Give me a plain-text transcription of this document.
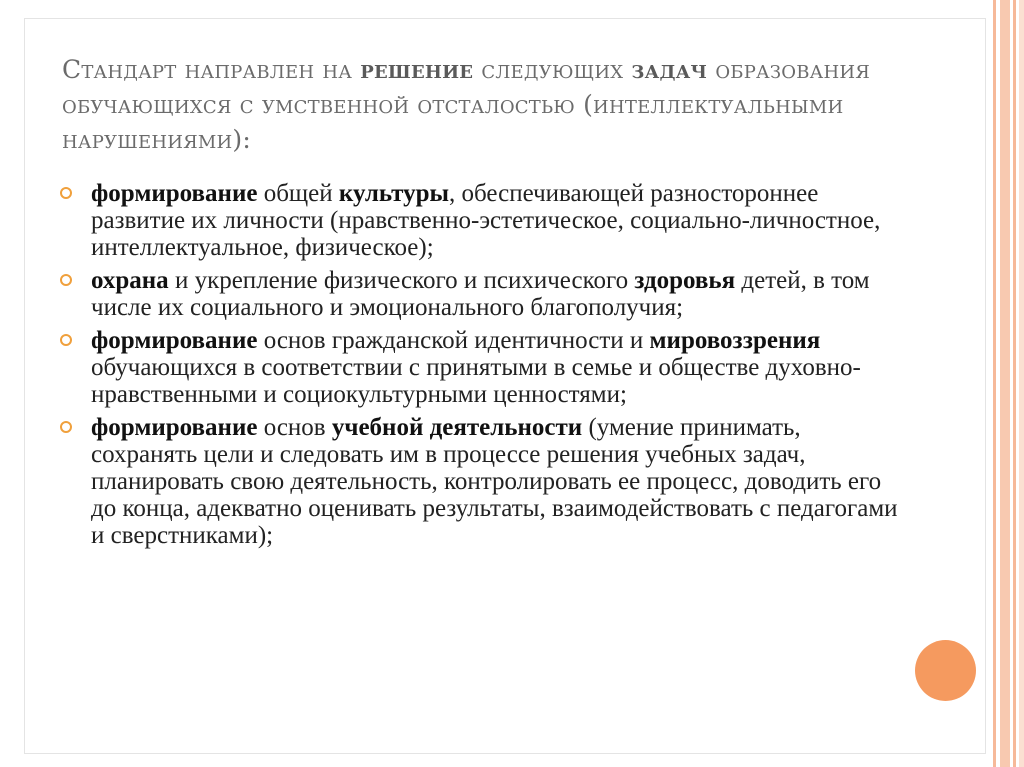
Стандарт направлен на решение следующих задач образования обучающихся с умственной отсталостью (интеллектуальными нарушениями):
формирование общей культуры, обеспечивающей разностороннее развитие их личности (нравственно-эстетическое, социально-личностное, интеллектуальное, физическое);
охрана и укрепление физического и психического здоровья детей, в том числе их социального и эмоционального благополучия;
формирование основ гражданской идентичности и мировоззрения обучающихся в соответствии с принятыми в семье и обществе духовно-нравственными и социокультурными ценностями;
формирование основ учебной деятельности (умение принимать, сохранять цели и следовать им в процессе решения учебных задач, планировать свою деятельность, контролировать ее процесс, доводить его до конца, адекватно оценивать результаты, взаимодействовать с педагогами и сверстниками);
